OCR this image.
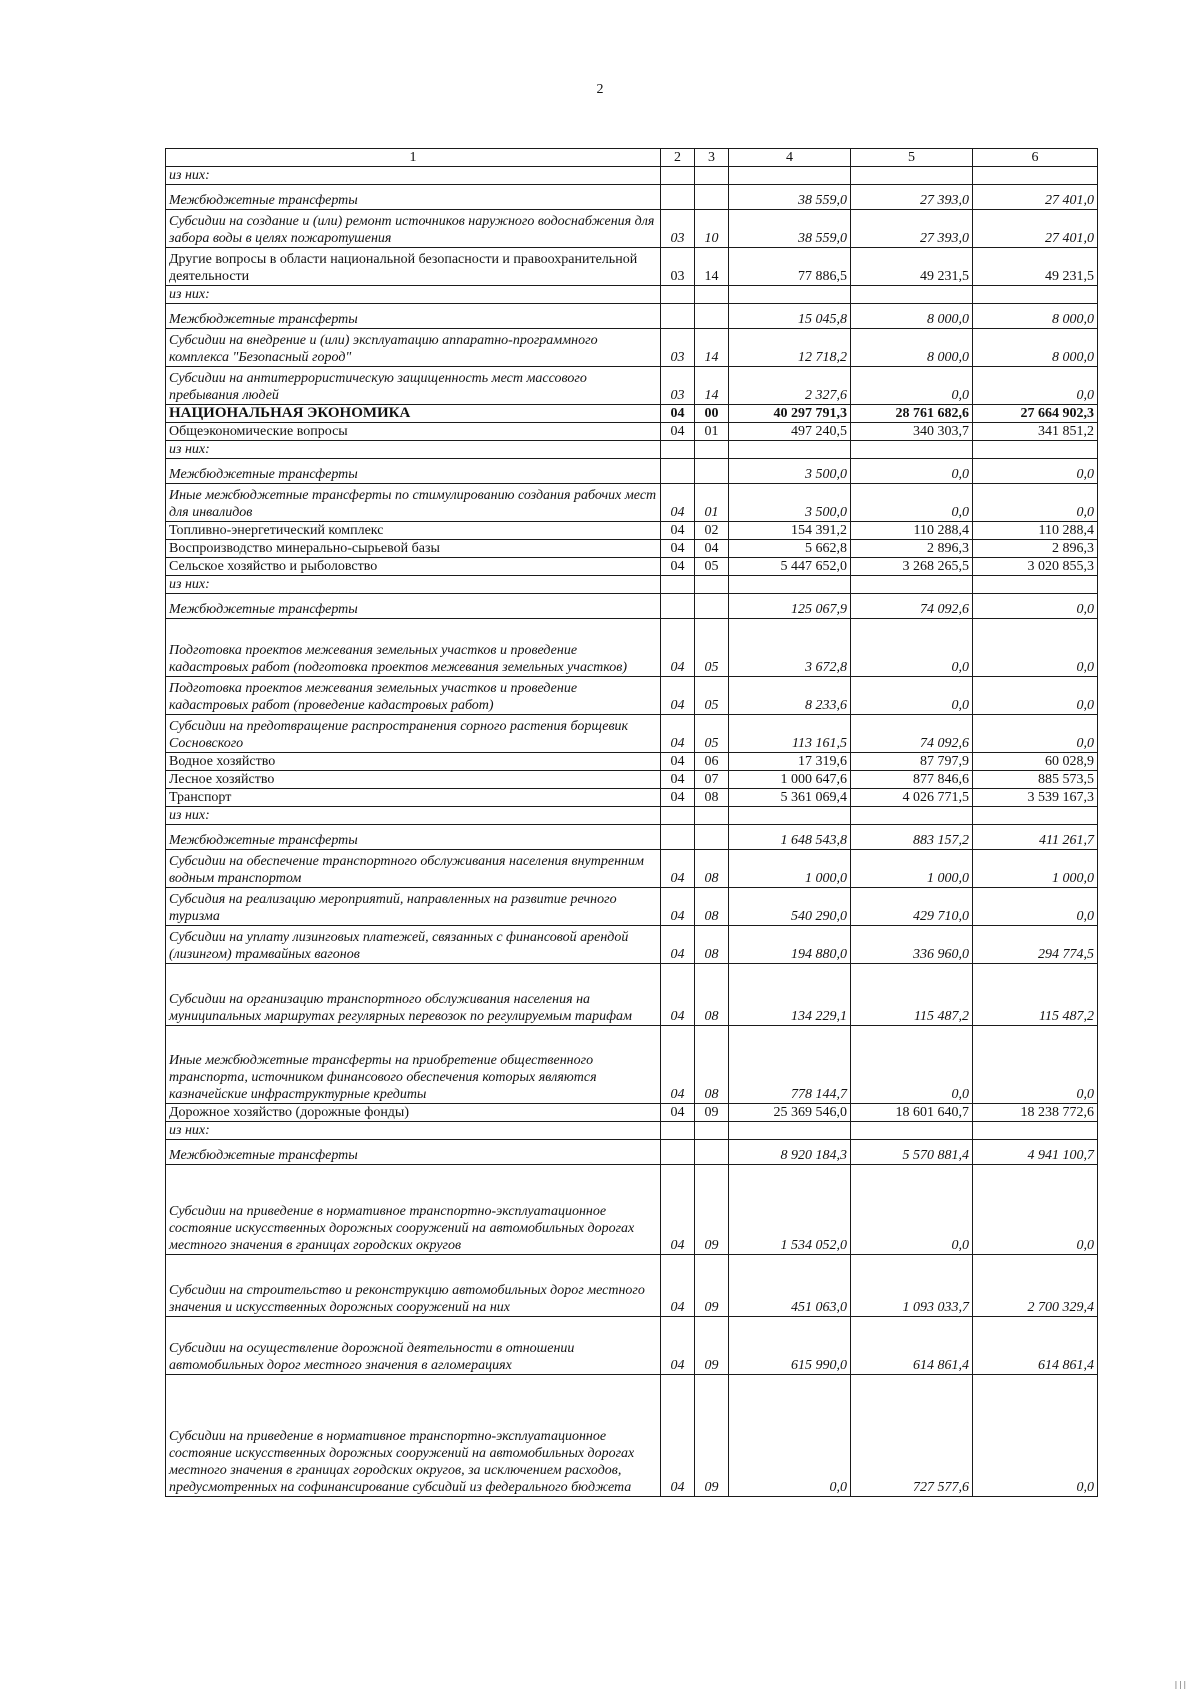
2
1	2	3	4	5	6
из них:					
Межбюджетные трансферты			38 559,0	27 393,0	27 401,0
Субсидии на создание и (или) ремонт источников наружного водоснабжения для забора воды в целях пожаротушения	03	10	38 559,0	27 393,0	27 401,0
Другие вопросы в области национальной безопасности и правоохранительной деятельности	03	14	77 886,5	49 231,5	49 231,5
из них:					
Межбюджетные трансферты			15 045,8	8 000,0	8 000,0
Субсидии на внедрение и (или) эксплуатацию аппаратно-программного комплекса "Безопасный город"	03	14	12 718,2	8 000,0	8 000,0
Субсидии на антитеррористическую защищенность мест массового пребывания людей	03	14	2 327,6	0,0	0,0
НАЦИОНАЛЬНАЯ ЭКОНОМИКА	04	00	40 297 791,3	28 761 682,6	27 664 902,3
Общеэкономические вопросы	04	01	497 240,5	340 303,7	341 851,2
из них:					
Межбюджетные трансферты			3 500,0	0,0	0,0
Иные межбюджетные трансферты по стимулированию создания рабочих мест для инвалидов	04	01	3 500,0	0,0	0,0
Топливно-энергетический комплекс	04	02	154 391,2	110 288,4	110 288,4
Воспроизводство минерально-сырьевой базы	04	04	5 662,8	2 896,3	2 896,3
Сельское хозяйство и рыболовство	04	05	5 447 652,0	3 268 265,5	3 020 855,3
из них:					
Межбюджетные трансферты			125 067,9	74 092,6	0,0
Подготовка проектов межевания земельных участков и проведение кадастровых работ (подготовка проектов межевания земельных участков)	04	05	3 672,8	0,0	0,0
Подготовка проектов межевания земельных участков и проведение кадастровых работ (проведение кадастровых работ)	04	05	8 233,6	0,0	0,0
Субсидии на предотвращение распространения сорного растения борщевик Сосновского	04	05	113 161,5	74 092,6	0,0
Водное хозяйство	04	06	17 319,6	87 797,9	60 028,9
Лесное хозяйство	04	07	1 000 647,6	877 846,6	885 573,5
Транспорт	04	08	5 361 069,4	4 026 771,5	3 539 167,3
из них:					
Межбюджетные трансферты			1 648 543,8	883 157,2	411 261,7
Субсидии на обеспечение транспортного обслуживания населения внутренним водным транспортом	04	08	1 000,0	1 000,0	1 000,0
Субсидия на реализацию мероприятий, направленных на развитие речного туризма	04	08	540 290,0	429 710,0	0,0
Субсидии на уплату лизинговых платежей, связанных с финансовой арендой (лизингом) трамвайных вагонов	04	08	194 880,0	336 960,0	294 774,5
Субсидии на организацию транспортного обслуживания населения на муниципальных маршрутах регулярных перевозок по регулируемым тарифам	04	08	134 229,1	115 487,2	115 487,2
Иные межбюджетные трансферты на приобретение общественного транспорта, источником финансового обеспечения которых являются казначейские инфраструктурные кредиты	04	08	778 144,7	0,0	0,0
Дорожное хозяйство (дорожные фонды)	04	09	25 369 546,0	18 601 640,7	18 238 772,6
из них:					
Межбюджетные трансферты			8 920 184,3	5 570 881,4	4 941 100,7
Субсидии на приведение в нормативное транспортно-эксплуатационное состояние искусственных дорожных сооружений на автомобильных дорогах местного значения в границах городских округов	04	09	1 534 052,0	0,0	0,0
Субсидии на строительство и реконструкцию автомобильных дорог местного значения и искусственных дорожных сооружений на них	04	09	451 063,0	1 093 033,7	2 700 329,4
Субсидии на осуществление дорожной деятельности в отношении автомобильных дорог местного значения в агломерациях	04	09	615 990,0	614 861,4	614 861,4
Субсидии на приведение в нормативное транспортно-эксплуатационное состояние искусственных дорожных сооружений на автомобильных дорогах местного значения в границах городских округов, за исключением расходов, предусмотренных на софинансирование субсидий из федерального бюджета	04	09	0,0	727 577,6	0,0
ǀǀǀ
